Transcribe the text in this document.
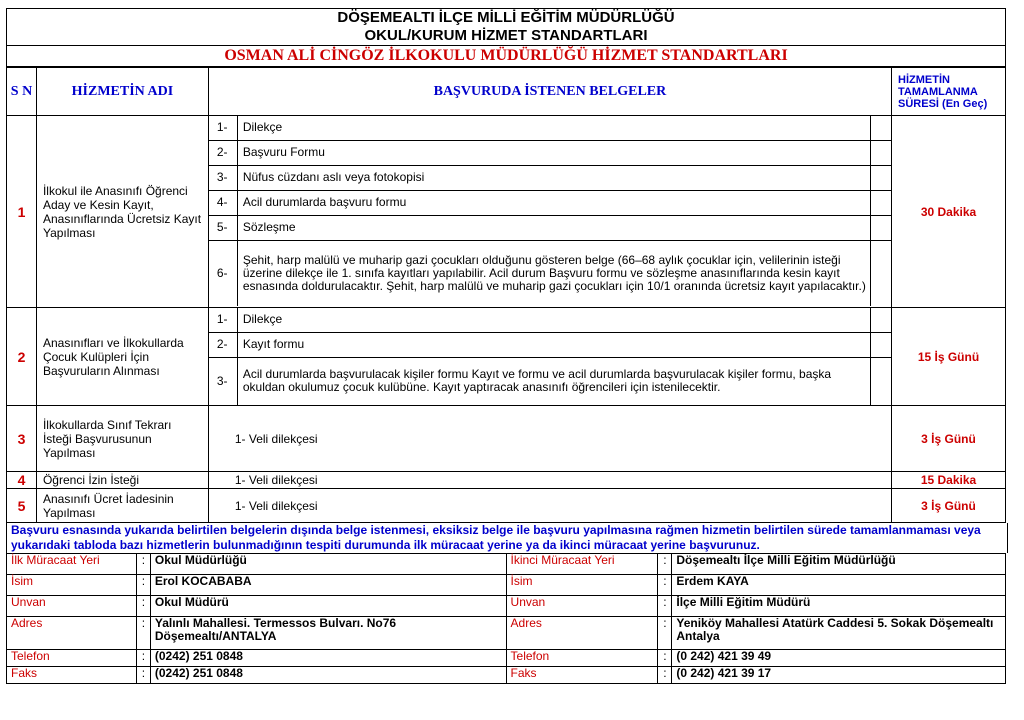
DÖŞEMEALTI İLÇE MİLLİ EĞİTİM MÜDÜRLÜĞÜ
OKUL/KURUM HİZMET STANDARTLARI
OSMAN ALİ CİNGÖZ İLKOKULU MÜDÜRLÜĞÜ HİZMET STANDARTLARI
S N	HİZMETİN ADI	BAŞVURUDA İSTENEN BELGELER	HİZMETİN TAMAMLANMA SÜRESİ (En Geç)
1	İlkokul ile Anasınıfı Öğrenci Aday ve Kesin Kayıt, Anasınıflarında Ücretsiz Kayıt Yapılması	
1-	Dilekçe	
2-	Başvuru Formu	
3-	Nüfus cüzdanı aslı veya fotokopisi	
4-	Acil durumlarda başvuru formu	
5-	Sözleşme	
6-	Şehit, harp malülü ve muharip gazi çocukları olduğunu gösteren belge (66–68 aylık çocuklar için, velilerinin isteği üzerine dilekçe ile 1. sınıfa kayıtları yapılabilir. Acil durum Başvuru formu ve sözleşme anasınıflarında kesin kayıt esnasında doldurulacaktır. Şehit, harp malülü ve muharip gazi çocukları için 10/1 oranında ücretsiz kayıt yapılacaktır.)	
	30 Dakika
2	Anasınıfları ve İlkokullarda Çocuk Kulüpleri İçin Başvuruların Alınması	
1-	Dilekçe	
2-	Kayıt formu	
3-	Acil durumlarda başvurulacak kişiler formu Kayıt ve formu ve acil durumlarda başvurulacak kişiler formu, başka okuldan okulumuz çocuk kulübüne. Kayıt yaptıracak anasınıfı öğrencileri için istenilecektir.	
	15 İş Günü
3	İlkokullarda Sınıf Tekrarı İsteği Başvurusunun Yapılması	1- Veli dilekçesi	3 İş Günü
4	Öğrenci İzin İsteği	1- Veli dilekçesi	15 Dakika
5	Anasınıfı Ücret İadesinin Yapılması	1- Veli dilekçesi	3 İş Günü
Başvuru esnasında yukarıda belirtilen belgelerin dışında belge istenmesi, eksiksiz belge ile başvuru yapılmasına rağmen hizmetin belirtilen sürede tamamlanmaması veya yukarıdaki tabloda bazı hizmetlerin bulunmadığının tespiti durumunda ilk müracaat yerine ya da ikinci müracaat yerine başvurunuz.
İlk Müracaat Yeri	:	Okul Müdürlüğü	İkinci Müracaat Yeri	:	Döşemealtı İlçe Milli Eğitim Müdürlüğü
İsim	:	Erol KOCABABA	İsim	:	Erdem KAYA
Unvan	:	Okul Müdürü	Unvan	:	İlçe Milli Eğitim Müdürü
Adres	:	Yalınlı Mahallesi. Termessos Bulvarı. No76 Döşemealtı/ANTALYA	Adres	:	Yeniköy Mahallesi Atatürk Caddesi 5. Sokak Döşemealtı Antalya
Telefon	:	(0242) 251 0848	Telefon	:	(0 242) 421 39 49
Faks	:	(0242) 251 0848	Faks	:	(0 242) 421 39 17
